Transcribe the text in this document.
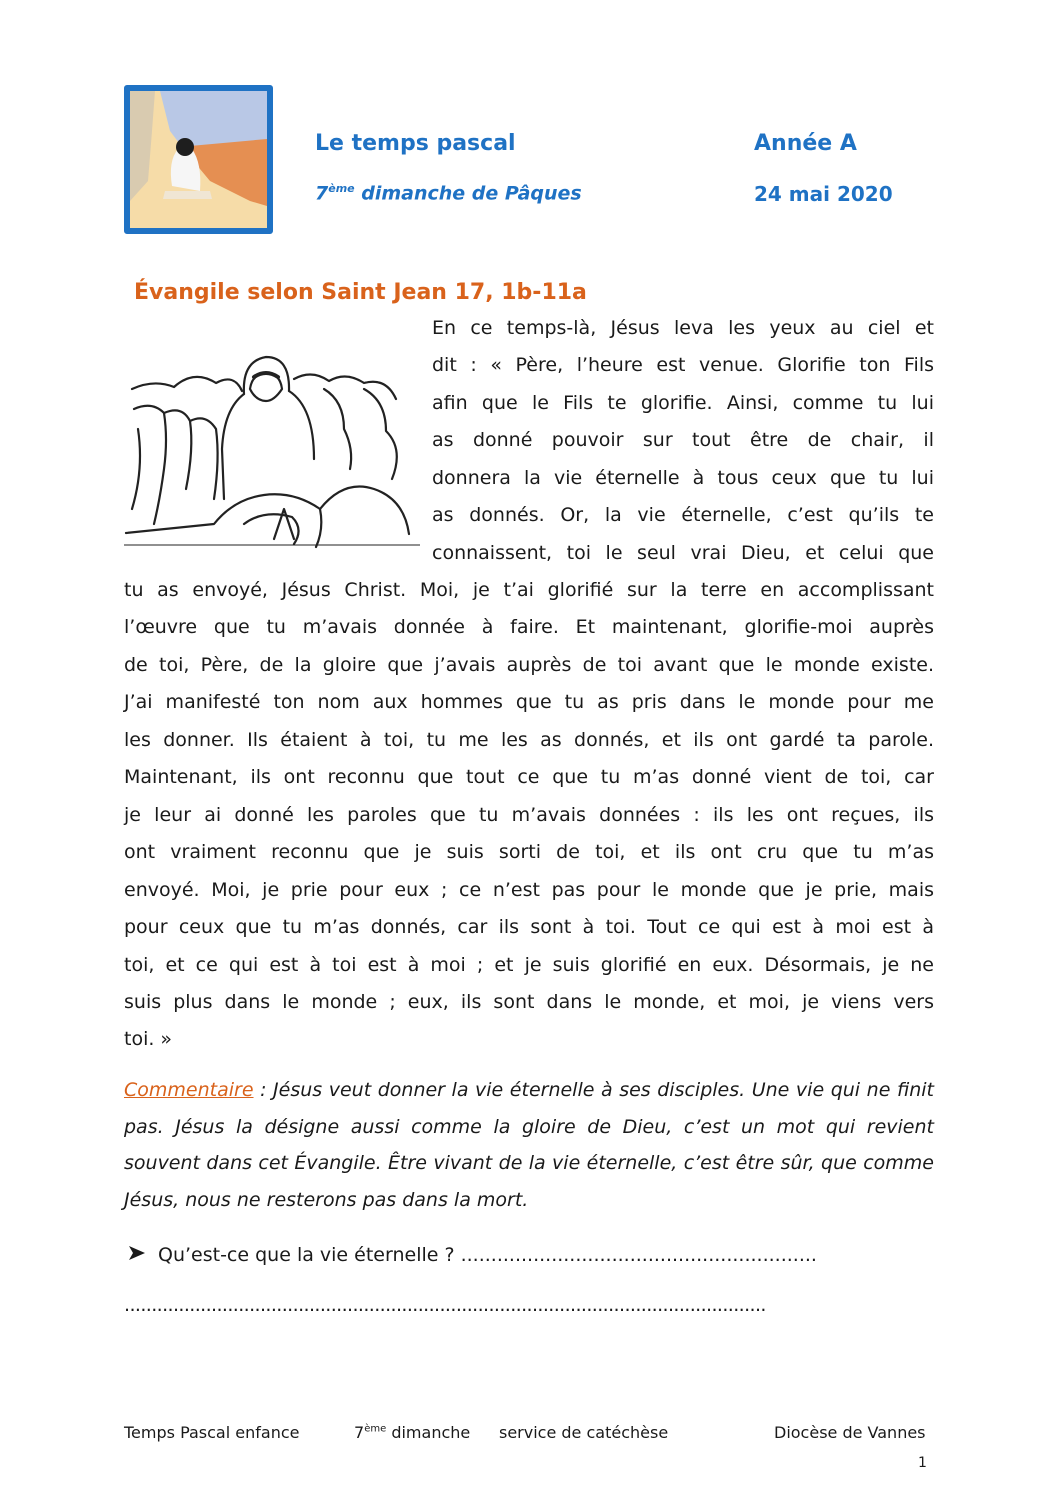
Le temps pascal	Année A
7ème dimanche de Pâques	24 mai 2020
Évangile selon Saint Jean 17, 1b-11a
En ce temps-là, Jésus leva les yeux au ciel et
dit : « Père, l’heure est venue. Glorifie ton Fils
afin que le Fils te glorifie. Ainsi, comme tu lui
as donné pouvoir sur tout être de chair, il
donnera la vie éternelle à tous ceux que tu lui
as donnés. Or, la vie éternelle, c’est qu’ils te
connaissent, toi le seul vrai Dieu, et celui que
tu as envoyé, Jésus Christ. Moi, je t’ai glorifié sur la terre en accomplissant
l’œuvre que tu m’avais donnée à faire. Et maintenant, glorifie-moi auprès
de toi, Père, de la gloire que j’avais auprès de toi avant que le monde existe.
J’ai manifesté ton nom aux hommes que tu as pris dans le monde pour me
les donner. Ils étaient à toi, tu me les as donnés, et ils ont gardé ta parole.
Maintenant, ils ont reconnu que tout ce que tu m’as donné vient de toi, car
je leur ai donné les paroles que tu m’avais données : ils les ont reçues, ils
ont vraiment reconnu que je suis sorti de toi, et ils ont cru que tu m’as
envoyé. Moi, je prie pour eux ; ce n’est pas pour le monde que je prie, mais
pour ceux que tu m’as donnés, car ils sont à toi. Tout ce qui est à moi est à
toi, et ce qui est à toi est à moi ; et je suis glorifié en eux. Désormais, je ne
suis plus dans le monde ; eux, ils sont dans le monde, et moi, je viens vers
toi. »
Commentaire : Jésus veut donner la vie éternelle à ses disciples. Une vie qui ne finit pas. Jésus la désigne aussi comme la gloire de Dieu, c’est un mot qui revient souvent dans cet Évangile. Être vivant de la vie éternelle, c’est être sûr, que comme Jésus, nous ne resterons pas dans la mort.
Qu’est-ce que la vie éternelle ? ...........................................................
......................................................................................................................
1
Temps Pascal enfance	7ème dimanche service de catéchèse	Diocèse de Vannes
